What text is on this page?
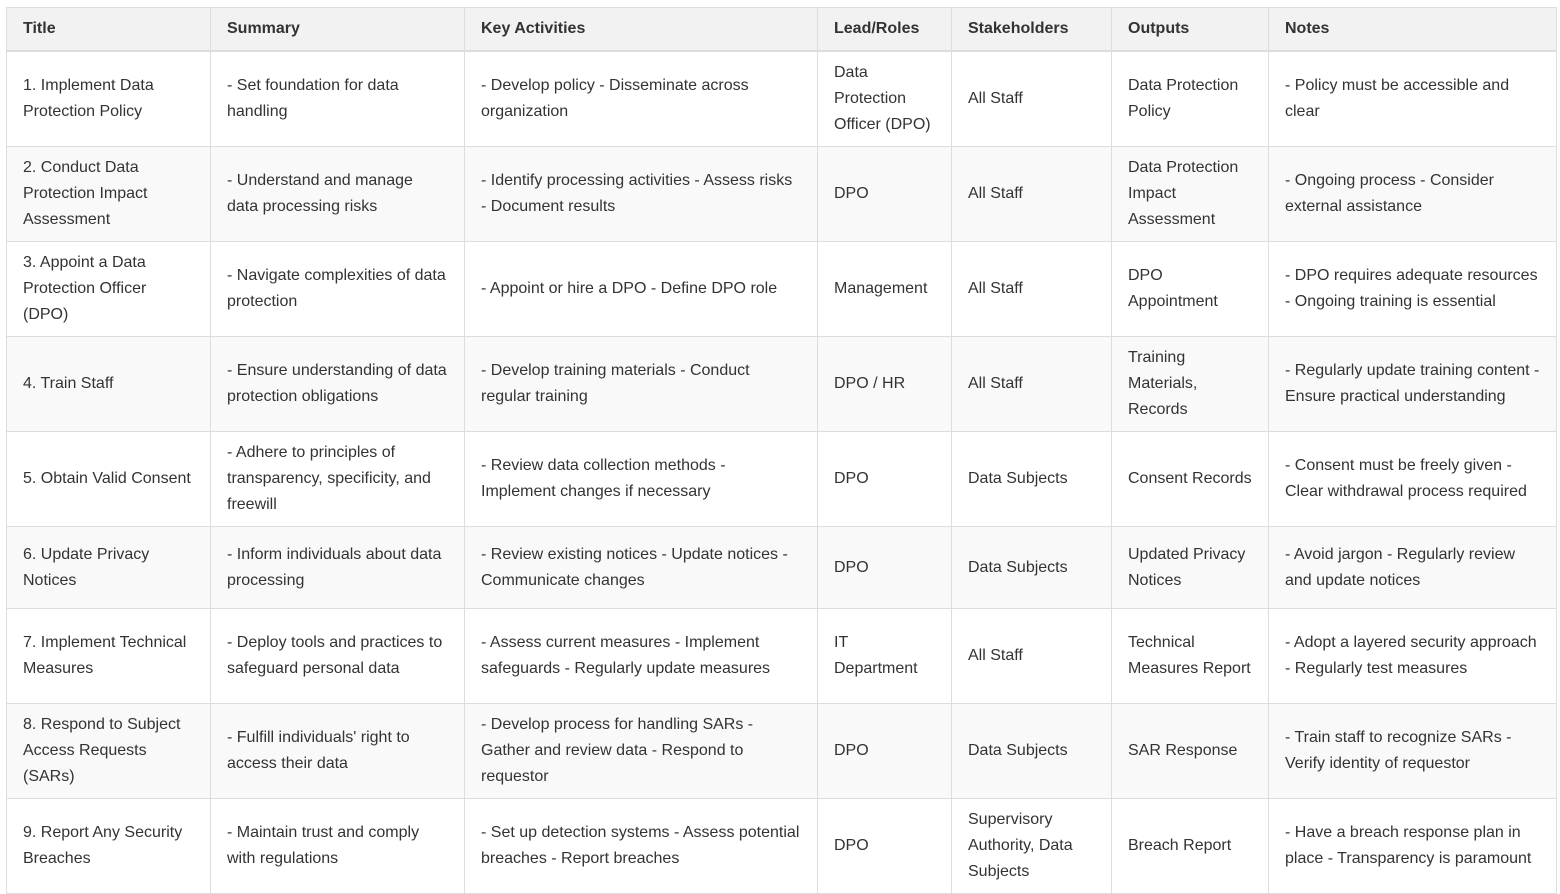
Title	Summary	Key Activities	Lead/Roles	Stakeholders	Outputs	Notes
1. Implement Data Protection Policy	- Set foundation for data handling	- Develop policy - Disseminate across organization	Data Protection Officer (DPO)	All Staff	Data Protection Policy	- Policy must be accessible and clear
2. Conduct Data Protection Impact Assessment	- Understand and manage data processing risks	- Identify processing activities - Assess risks - Document results	DPO	All Staff	Data Protection Impact Assessment	- Ongoing process - Consider external assistance
3. Appoint a Data Protection Officer (DPO)	- Navigate complexities of data protection	- Appoint or hire a DPO - Define DPO role	Management	All Staff	DPO Appointment	- DPO requires adequate resources - Ongoing training is essential
4. Train Staff	- Ensure understanding of data protection obligations	- Develop training materials - Conduct regular training	DPO / HR	All Staff	Training Materials, Records	- Regularly update training content - Ensure practical understanding
5. Obtain Valid Consent	- Adhere to principles of transparency, specificity, and freewill	- Review data collection methods - Implement changes if necessary	DPO	Data Subjects	Consent Records	- Consent must be freely given - Clear withdrawal process required
6. Update Privacy Notices	- Inform individuals about data processing	- Review existing notices - Update notices - Communicate changes	DPO	Data Subjects	Updated Privacy Notices	- Avoid jargon - Regularly review and update notices
7. Implement Technical Measures	- Deploy tools and practices to safeguard personal data	- Assess current measures - Implement safeguards - Regularly update measures	IT Department	All Staff	Technical Measures Report	- Adopt a layered security approach - Regularly test measures
8. Respond to Subject Access Requests (SARs)	- Fulfill individuals' right to access their data	- Develop process for handling SARs - Gather and review data - Respond to requestor	DPO	Data Subjects	SAR Response	- Train staff to recognize SARs - Verify identity of requestor
9. Report Any Security Breaches	- Maintain trust and comply with regulations	- Set up detection systems - Assess potential breaches - Report breaches	DPO	Supervisory Authority, Data Subjects	Breach Report	- Have a breach response plan in place - Transparency is paramount
